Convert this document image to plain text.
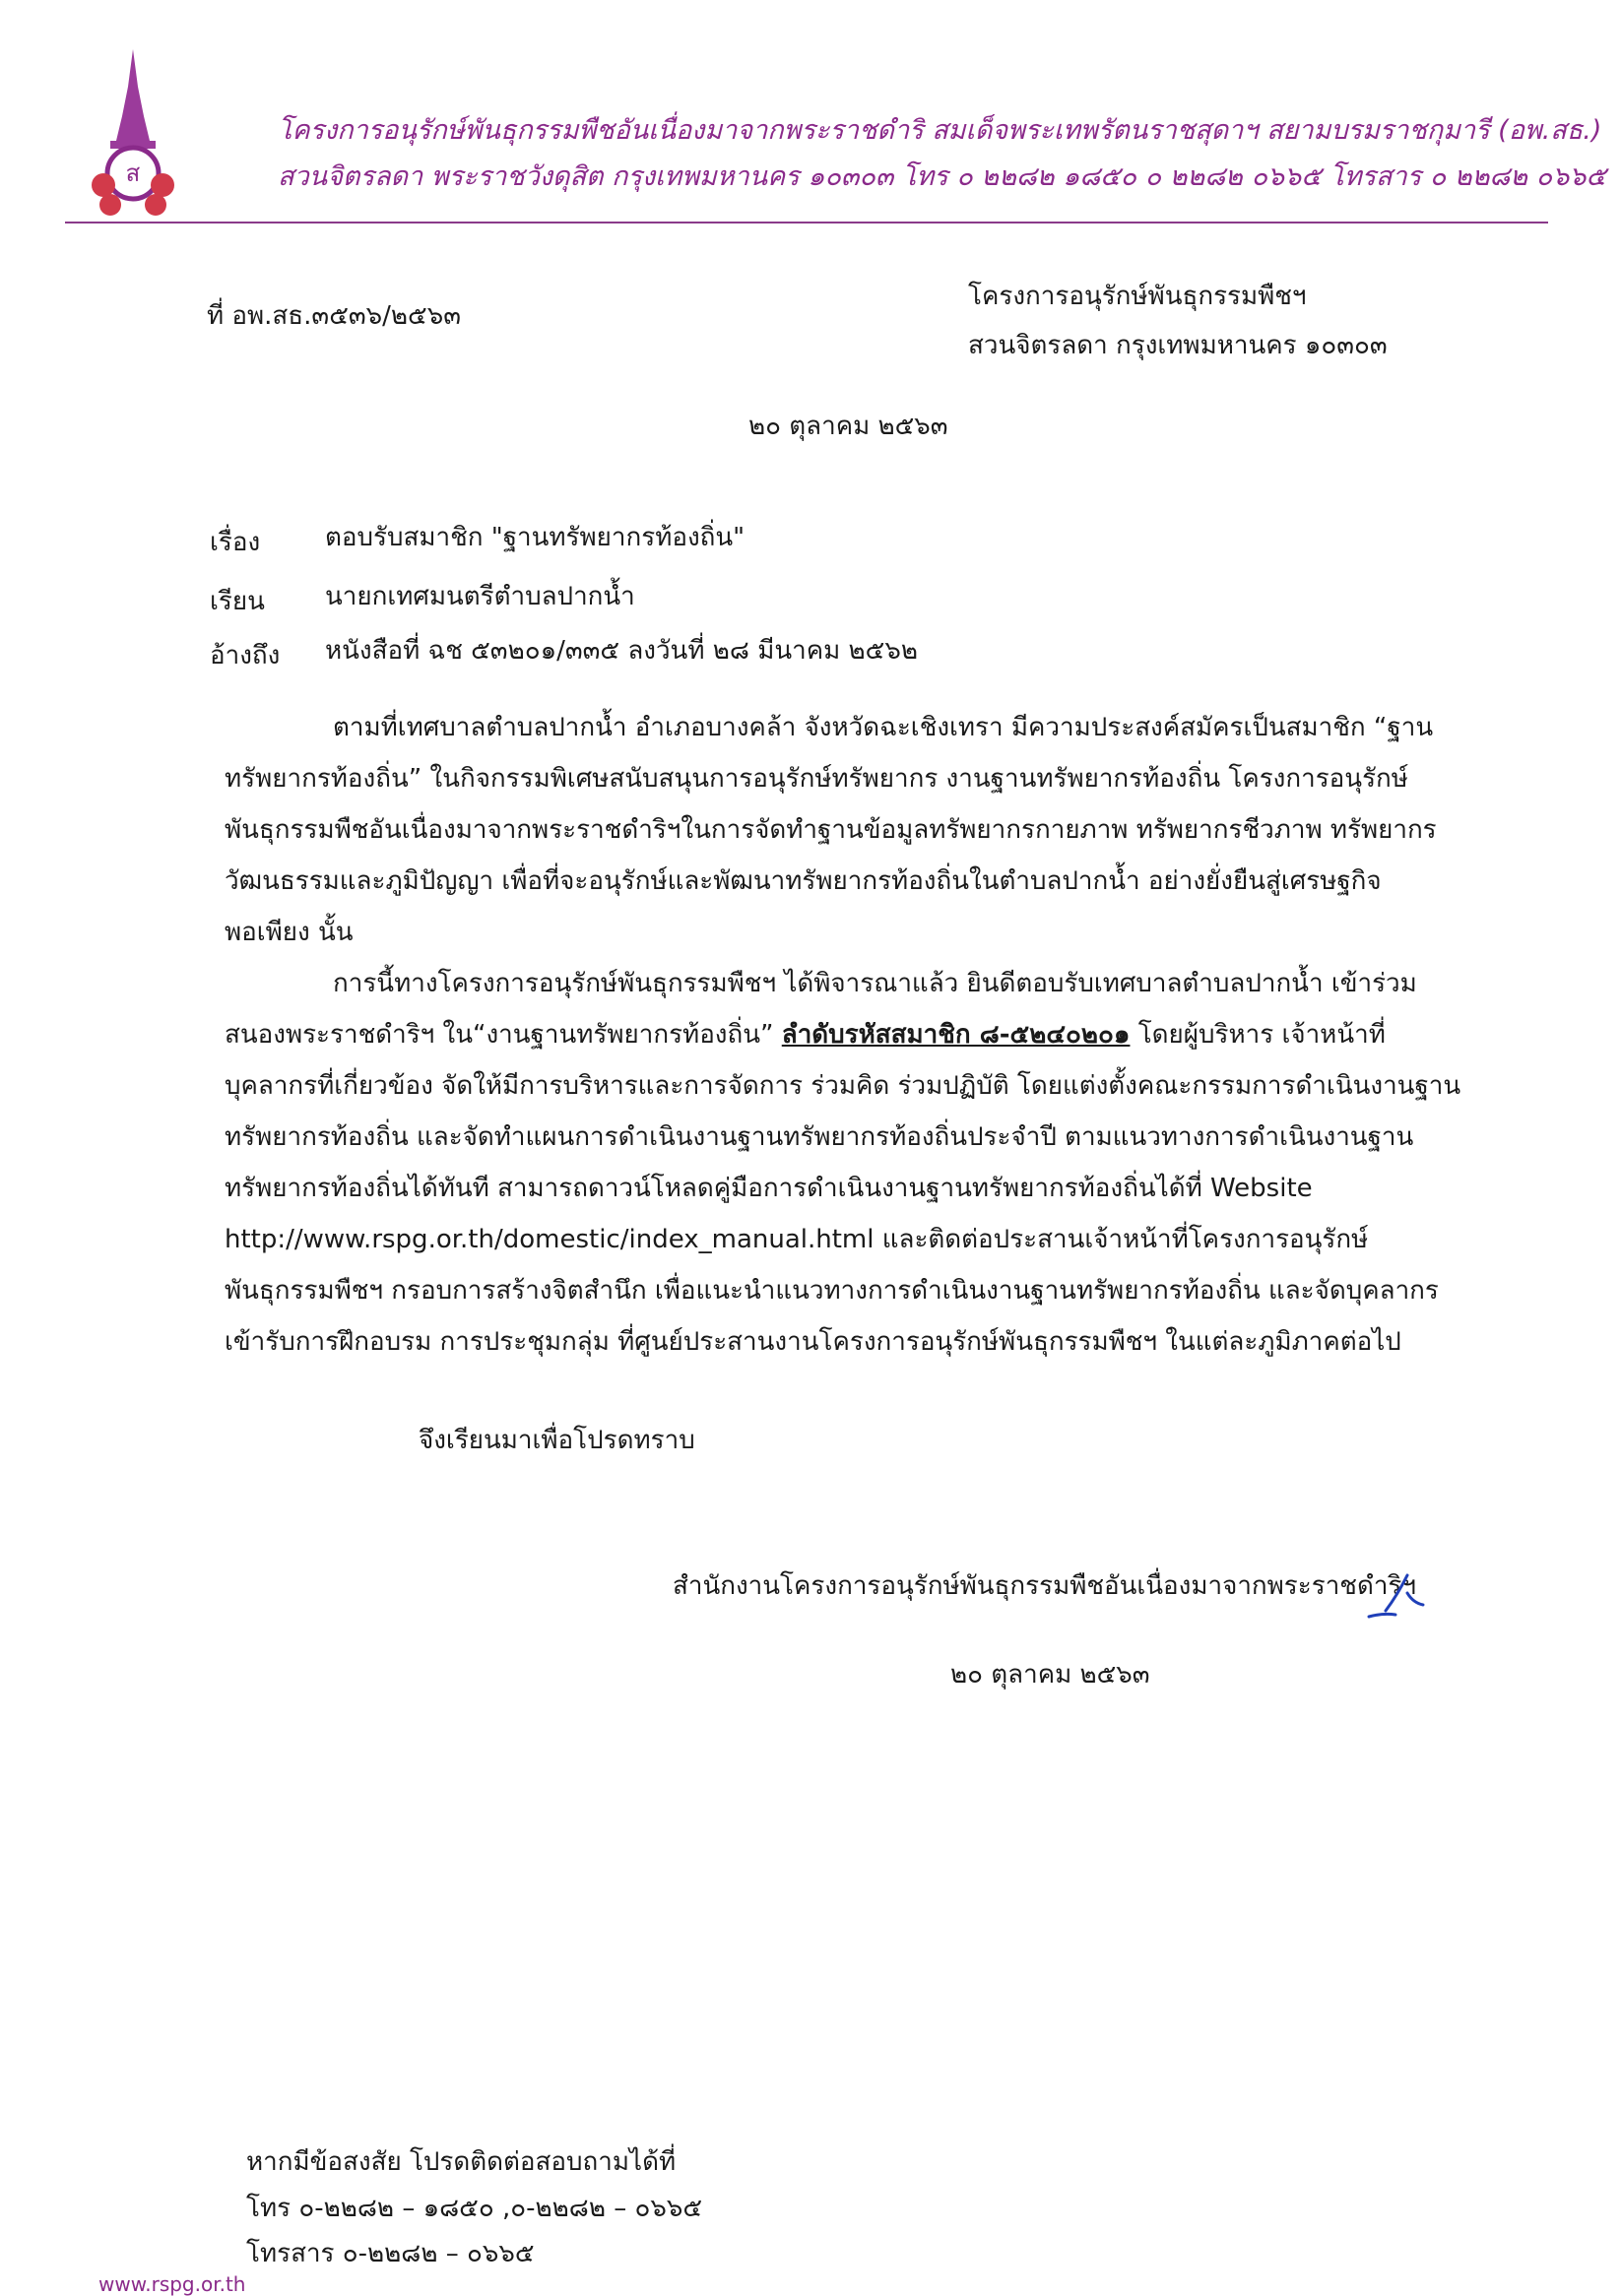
ส
โครงการอนุรักษ์พันธุกรรมพืชอันเนื่องมาจากพระราชดำริ สมเด็จพระเทพรัตนราชสุดาฯ สยามบรมราชกุมารี (อพ.สธ.)
สวนจิตรลดา พระราชวังดุสิต กรุงเทพมหานคร ๑๐๓๐๓ โทร ๐ ๒๒๘๒ ๑๘๕๐ ๐ ๒๒๘๒ ๐๖๖๕ โทรสาร ๐ ๒๒๘๒ ๐๖๖๕
ที่ อพ.สธ.๓๕๓๖/๒๕๖๓
โครงการอนุรักษ์พันธุกรรมพืชฯ
สวนจิตรลดา กรุงเทพมหานคร ๑๐๓๐๓
๒๐ ตุลาคม ๒๕๖๓
เรื่อง	ตอบรับสมาชิก "ฐานทรัพยากรท้องถิ่น"
เรียน นายกเทศมนตรีตำบลปากน้ำ
อ้างถึง หนังสือที่ ฉช ๕๓๒๐๑/๓๓๕ ลงวันที่ ๒๘ มีนาคม ๒๕๖๒
ตามที่เทศบาลตำบลปากน้ำ อำเภอบางคล้า จังหวัดฉะเชิงเทรา มีความประสงค์สมัครเป็นสมาชิก “ฐาน
ทรัพยากรท้องถิ่น” ในกิจกรรมพิเศษสนับสนุนการอนุรักษ์ทรัพยากร งานฐานทรัพยากรท้องถิ่น โครงการอนุรักษ์
พันธุกรรมพืชอันเนื่องมาจากพระราชดำริฯในการจัดทำฐานข้อมูลทรัพยากรกายภาพ ทรัพยากรชีวภาพ ทรัพยากร
วัฒนธรรมและภูมิปัญญา เพื่อที่จะอนุรักษ์และพัฒนาทรัพยากรท้องถิ่นในตำบลปากน้ำ อย่างยั่งยืนสู่เศรษฐกิจ
พอเพียง นั้น
การนี้ทางโครงการอนุรักษ์พันธุกรรมพืชฯ ได้พิจารณาแล้ว ยินดีตอบรับเทศบาลตำบลปากน้ำ เข้าร่วม
สนองพระราชดำริฯ ใน“งานฐานทรัพยากรท้องถิ่น” ลำดับรหัสสมาชิก ๘-๕๒๔๐๒๐๑ โดยผู้บริหาร เจ้าหน้าที่
บุคลากรที่เกี่ยวข้อง จัดให้มีการบริหารและการจัดการ ร่วมคิด ร่วมปฏิบัติ โดยแต่งตั้งคณะกรรมการดำเนินงานฐาน
ทรัพยากรท้องถิ่น และจัดทำแผนการดำเนินงานฐานทรัพยากรท้องถิ่นประจำปี ตามแนวทางการดำเนินงานฐาน
ทรัพยากรท้องถิ่นได้ทันที สามารถดาวน์โหลดคู่มือการดำเนินงานฐานทรัพยากรท้องถิ่นได้ที่ Website
http://www.rspg.or.th/domestic/index_manual.html และติดต่อประสานเจ้าหน้าที่โครงการอนุรักษ์
พันธุกรรมพืชฯ กรอบการสร้างจิตสำนึก เพื่อแนะนำแนวทางการดำเนินงานฐานทรัพยากรท้องถิ่น และจัดบุคลากร
เข้ารับการฝึกอบรม การประชุมกลุ่ม ที่ศูนย์ประสานงานโครงการอนุรักษ์พันธุกรรมพืชฯ ในแต่ละภูมิภาคต่อไป
จึงเรียนมาเพื่อโปรดทราบ
สำนักงานโครงการอนุรักษ์พันธุกรรมพืชอันเนื่องมาจากพระราชดำริฯ
๒๐ ตุลาคม ๒๕๖๓
หากมีข้อสงสัย โปรดติดต่อสอบถามได้ที่
โทร ๐-๒๒๘๒ – ๑๘๕๐ ,๐-๒๒๘๒ – ๐๖๖๕
โทรสาร ๐-๒๒๘๒ – ๐๖๖๕
www.rspg.or.th
